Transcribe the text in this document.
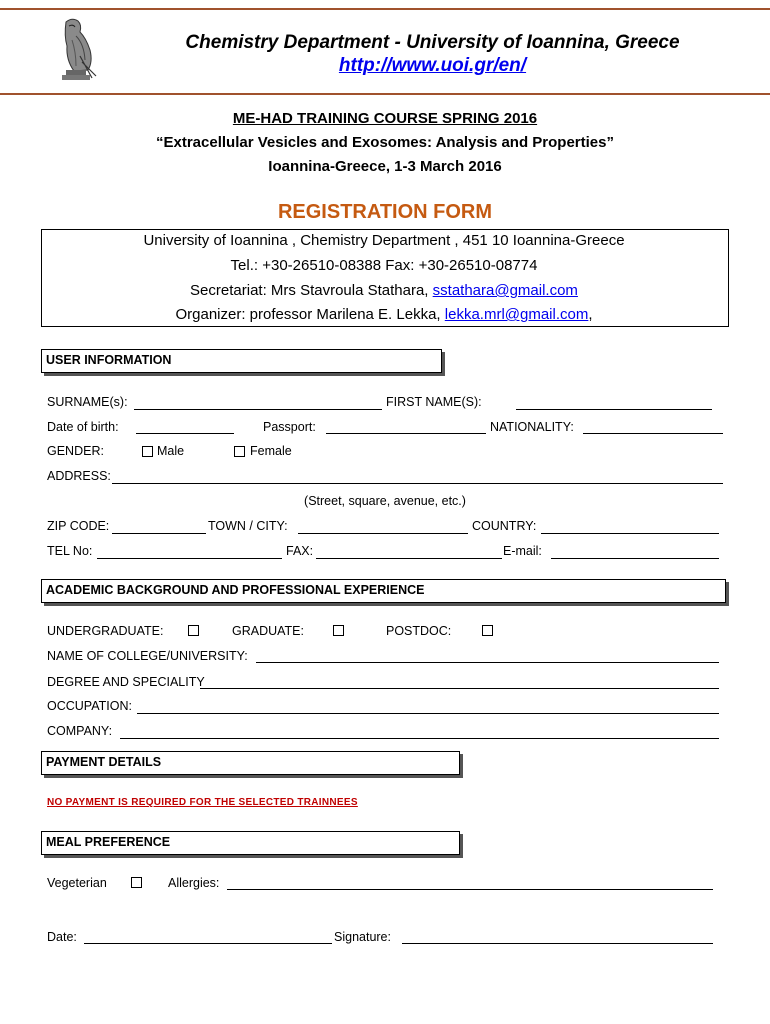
Chemistry Department - University of Ioannina, Greece
http://www.uoi.gr/en/
ME-HAD TRAINING COURSE SPRING 2016
“Extracellular Vesicles and Exosomes: Analysis and Properties”
Ioannina-Greece, 1-3 March 2016
REGISTRATION FORM
University of Ioannina , Chemistry Department , 451 10 Ioannina-Greece
Tel.: +30-26510-08388 Fax: +30-26510-08774
Secretariat: Mrs Stavroula Stathara, sstathara@gmail.com
Organizer: professor Marilena E. Lekka, lekka.mrl@gmail.com,
USER INFORMATION
SURNAME(s):	FIRST NAME(S):
Date of birth:	Passport:	NATIONALITY:
GENDER:	Male	Female
ADDRESS:
(Street, square, avenue, etc.)
ZIP CODE:	TOWN / CITY:	COUNTRY:
TEL No:	FAX:	E-mail:
ACADEMIC BACKGROUND AND PROFESSIONAL EXPERIENCE
UNDERGRADUATE:	GRADUATE:	POSTDOC:
NAME OF COLLEGE/UNIVERSITY:
DEGREE AND SPECIALITY
OCCUPATION:
COMPANY:
PAYMENT DETAILS
NO PAYMENT IS REQUIRED FOR THE SELECTED TRAINNEES
MEAL PREFERENCE
Vegeterian	Allergies:
Date:	Signature:
